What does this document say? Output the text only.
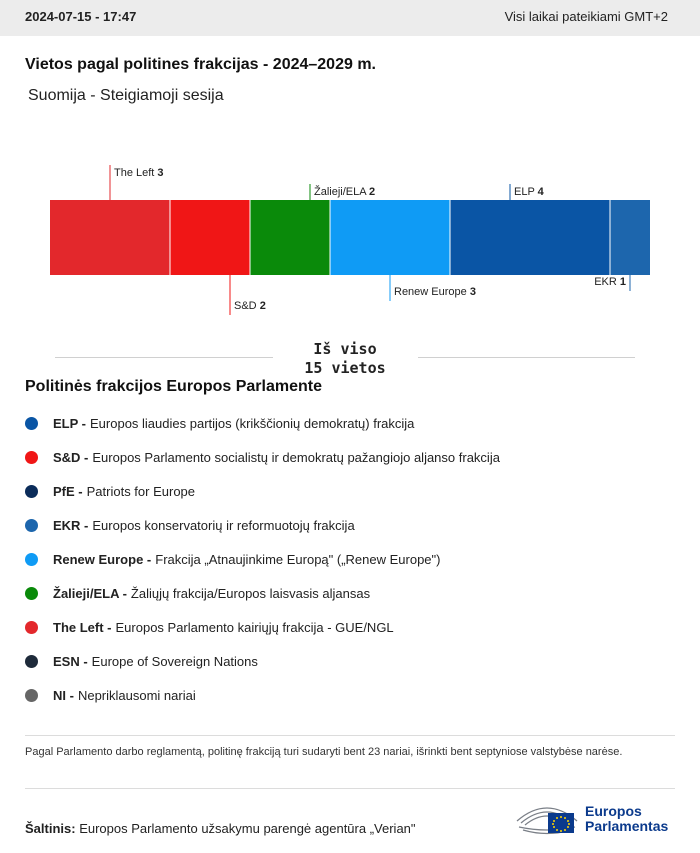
2024-07-15 - 17:47	Visi laikai pateikiami GMT+2
Vietos pagal politines frakcijas - 2024–2029 m.
Suomija - Steigiamoji sesija
The Left 3
S&D 2
Žalieji/ELA 2
Renew Europe 3
ELP 4
EKR 1
Iš viso 15 vietos
Politinės frakcijos Europos Parlamente
ELP - Europos liaudies partijos (krikščionių demokratų) frakcija
S&D - Europos Parlamento socialistų ir demokratų pažangiojo aljanso frakcija
PfE - Patriots for Europe
EKR - Europos konservatorių ir reformuotojų frakcija
Renew Europe - Frakcija „Atnaujinkime Europą" („Renew Europe")
Žalieji/ELA - Žaliųjų frakcija/Europos laisvasis aljansas
The Left - Europos Parlamento kairiųjų frakcija - GUE/NGL
ESN - Europe of Sovereign Nations
NI - Nepriklausomi nariai
Pagal Parlamento darbo reglamentą, politinę frakciją turi sudaryti bent 23 nariai, išrinkti bent septyniose valstybėse narėse.
Šaltinis: Europos Parlamento užsakymu parengė agentūra „Verian"
Europos
Parlamentas
